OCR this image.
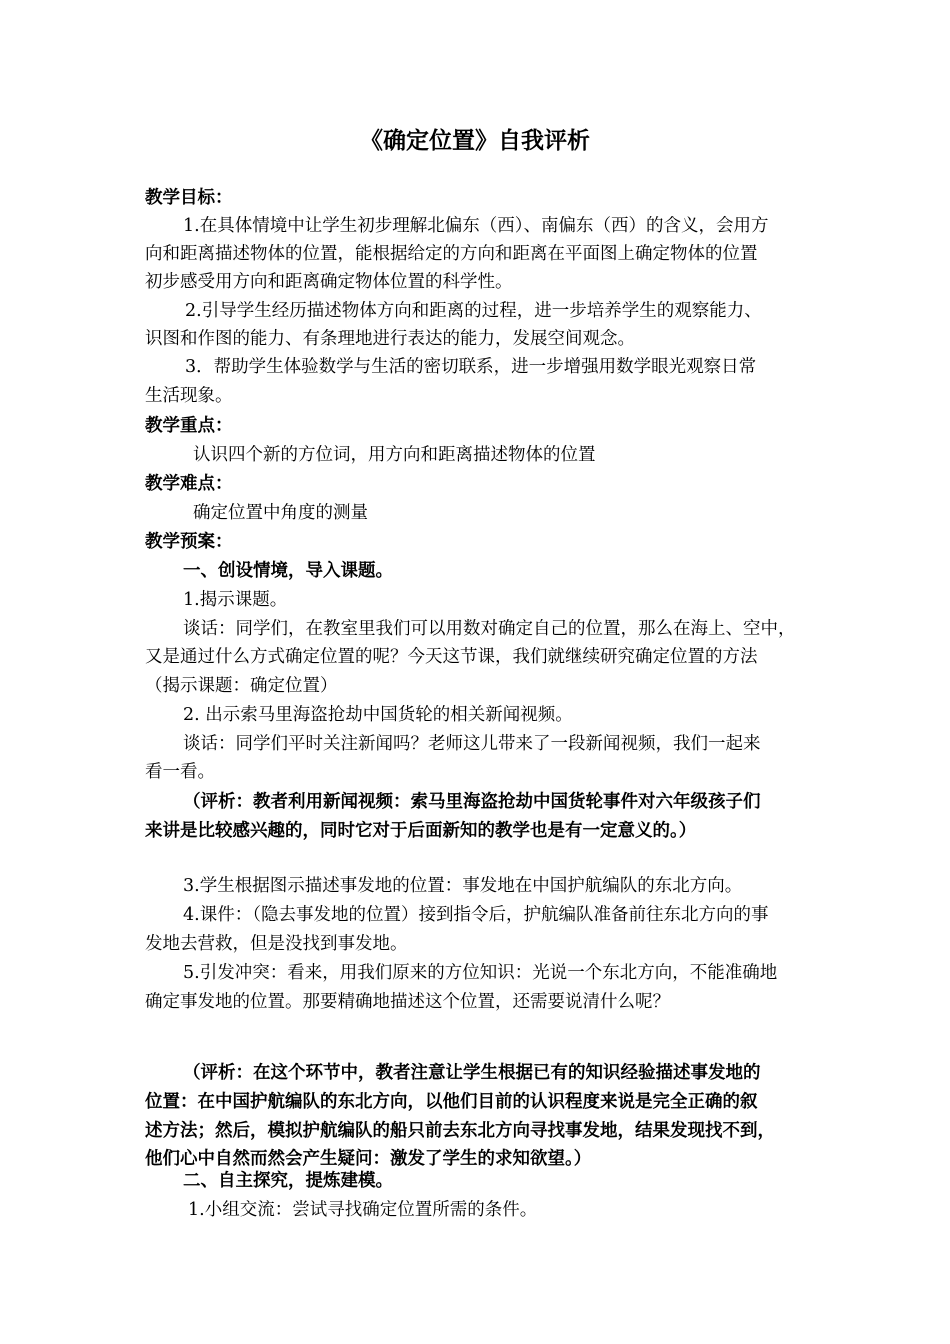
《确定位置》自我评析
教学目标：
1.在具体情境中让学生初步理解北偏东（西）、南偏东（西）的含义，会用方
向和距离描述物体的位置，能根据给定的方向和距离在平面图上确定物体的位置
初步感受用方向和距离确定物体位置的科学性。
2.引导学生经历描述物体方向和距离的过程，进一步培养学生的观察能力、
识图和作图的能力、有条理地进行表达的能力，发展空间观念。
3．帮助学生体验数学与生活的密切联系，进一步增强用数学眼光观察日常
生活现象。
教学重点：
认识四个新的方位词，用方向和距离描述物体的位置
教学难点：
确定位置中角度的测量
教学预案：
一、创设情境，导入课题。
1.揭示课题。
谈话：同学们，在教室里我们可以用数对确定自己的位置，那么在海上、空中，
又是通过什么方式确定位置的呢？今天这节课，我们就继续研究确定位置的方法
（揭示课题：确定位置）
2. 出示索马里海盗抢劫中国货轮的相关新闻视频。
谈话：同学们平时关注新闻吗？老师这儿带来了一段新闻视频，我们一起来
看一看。
（评析：教者利用新闻视频：索马里海盗抢劫中国货轮事件对六年级孩子们
来讲是比较感兴趣的，同时它对于后面新知的教学也是有一定意义的。）
3.学生根据图示描述事发地的位置：事发地在中国护航编队的东北方向。
4.课件：（隐去事发地的位置）接到指令后，护航编队准备前往东北方向的事
发地去营救，但是没找到事发地。
5.引发冲突：看来，用我们原来的方位知识：光说一个东北方向，不能准确地
确定事发地的位置。那要精确地描述这个位置，还需要说清什么呢？
（评析：在这个环节中，教者注意让学生根据已有的知识经验描述事发地的
位置：在中国护航编队的东北方向，以他们目前的认识程度来说是完全正确的叙
述方法；然后，模拟护航编队的船只前去东北方向寻找事发地，结果发现找不到，
他们心中自然而然会产生疑问：激发了学生的求知欲望。）
二、自主探究，提炼建模。
1.小组交流：尝试寻找确定位置所需的条件。
